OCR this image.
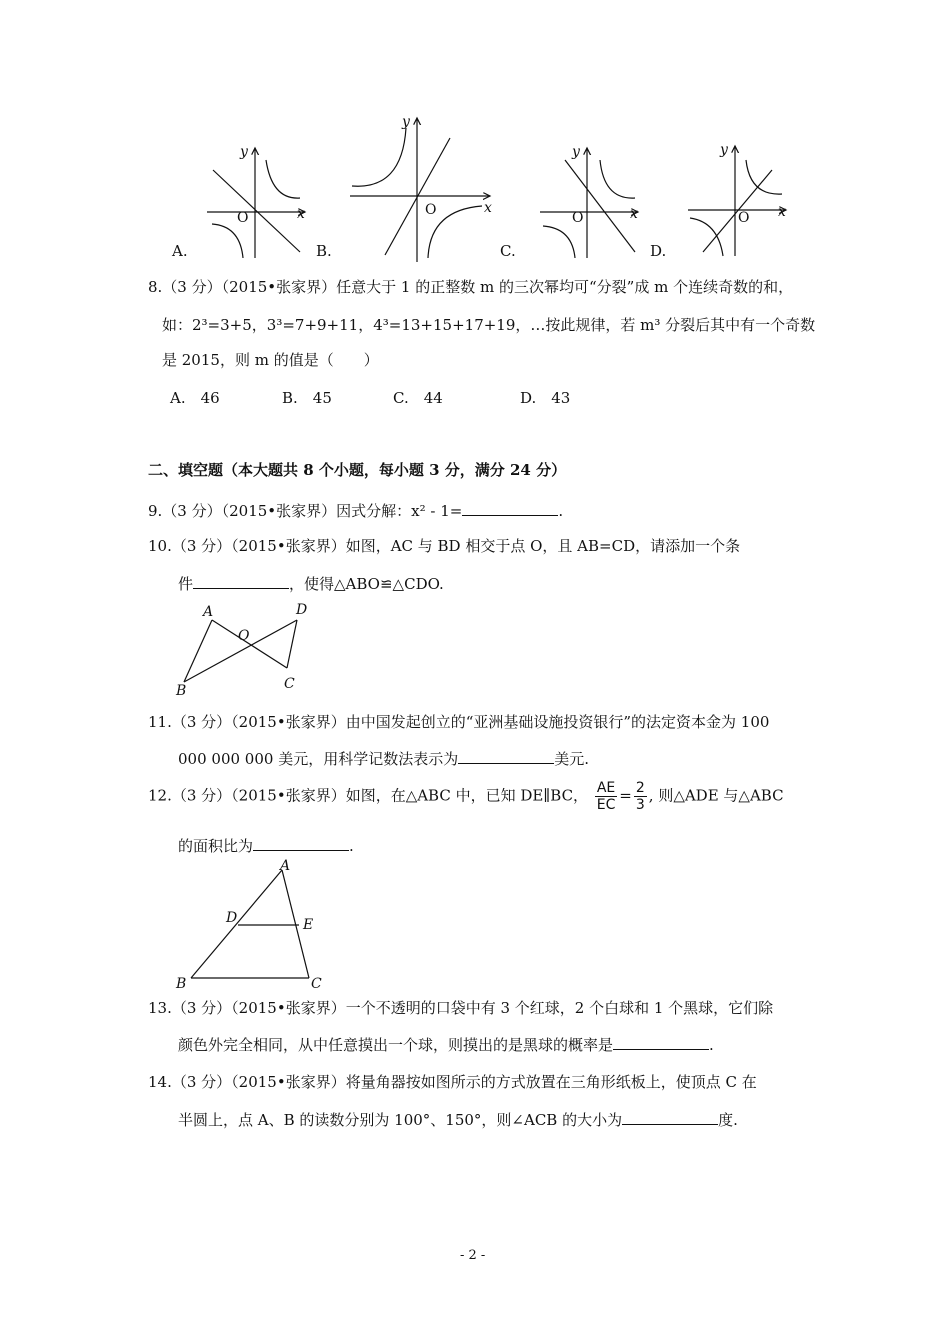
y
x
O
y
x
O
y
x
O
y
x
O
A.	B.	C.	D.
8.（3 分）（2015•张家界）任意大于 1 的正整数 m 的三次幂均可“分裂”成 m 个连续奇数的和，
如：2³=3+5，3³=7+9+11，4³=13+15+17+19，…按此规律，若 m³ 分裂后其中有一个奇数
是 2015，则 m 的值是（　　）
A.　46	B.　45	C.　44	D.　43
二、填空题（本大题共 8 个小题，每小题 3 分，满分 24 分）
9.（3 分）（2015•张家界）因式分解：x² - 1=	.
10.（3 分）（2015•张家界）如图，AC 与 BD 相交于点 O，且 AB=CD，请添加一个条
件	，使得△ABO≌△CDO.
A
O
D
B	C
11.（3 分）（2015•张家界）由中国发起创立的“亚洲基础设施投资银行”的法定资本金为 100
000 000 000 美元，用科学记数法表示为	美元.
12.（3 分）（2015•张家界）如图，在△ABC 中，已知 DE∥BC， $\frac{AE}{EC} = \frac{2}{3}$ , 则△ADE 与△ABC
的面积比为	.
A
D	E
B	C
13.（3 分）（2015•张家界）一个不透明的口袋中有 3 个红球，2 个白球和 1 个黑球，它们除
颜色外完全相同，从中任意摸出一个球，则摸出的是黑球的概率是	.
14.（3 分）（2015•张家界）将量角器按如图所示的方式放置在三角形纸板上，使顶点 C 在
半圆上，点 A、B 的读数分别为 100°、150°，则∠ACB 的大小为	度.
- 2 -
